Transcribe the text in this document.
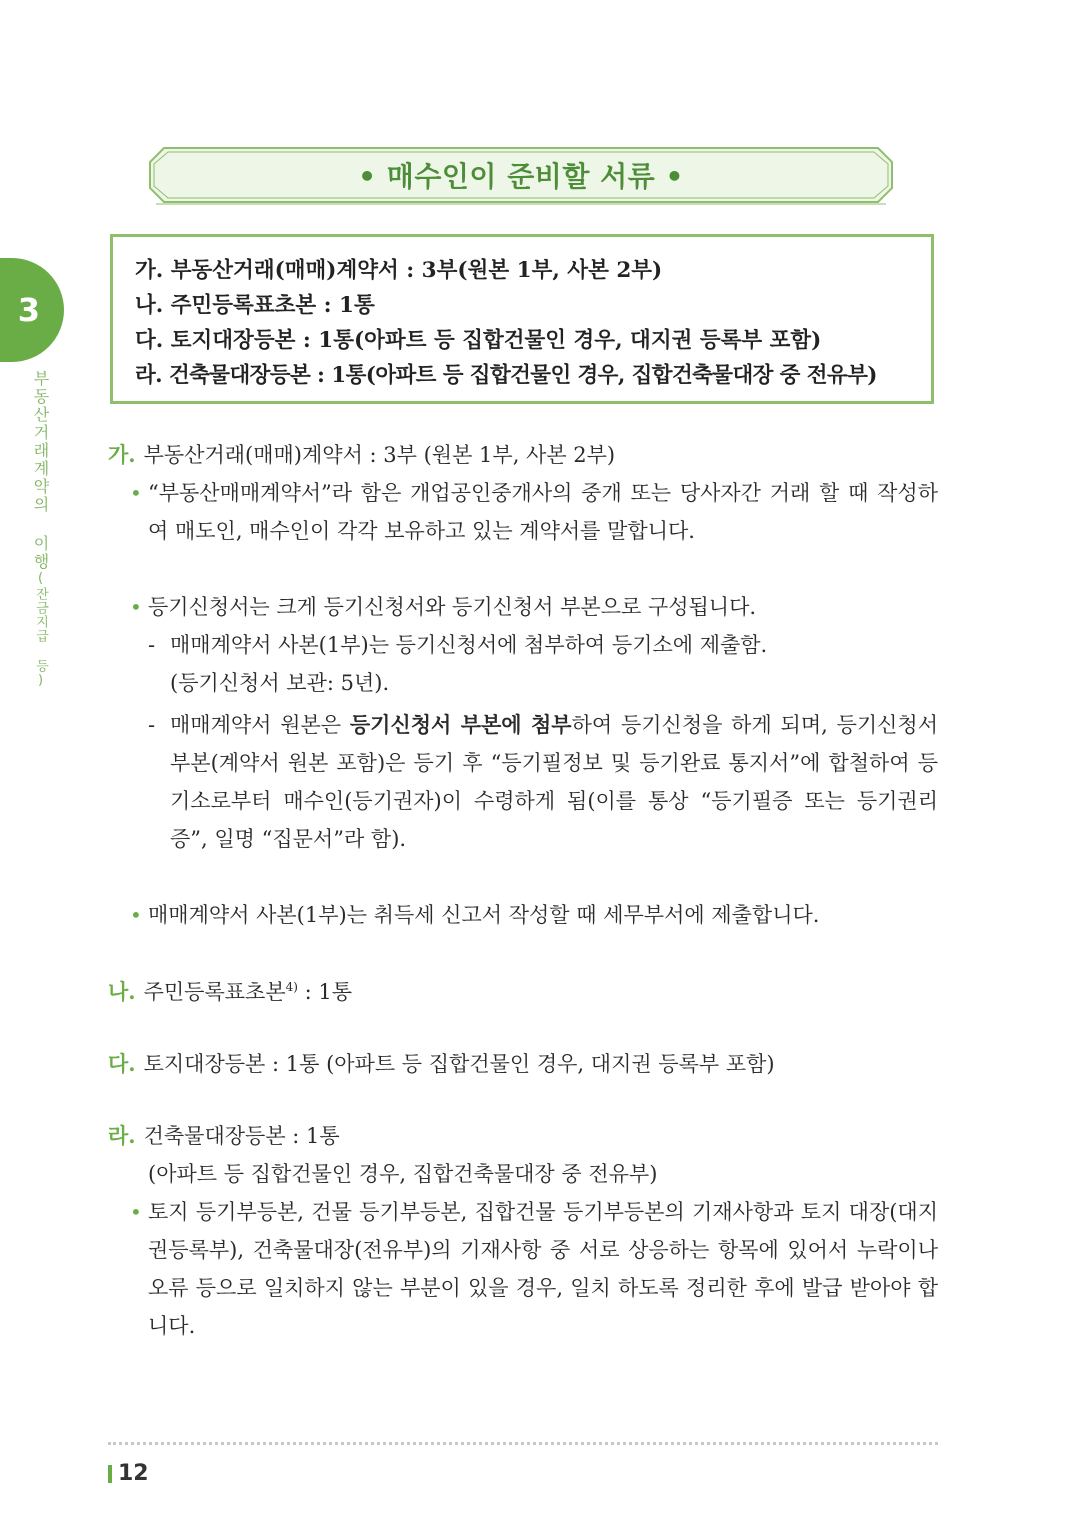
• 매수인이 준비할 서류 •
가. 부동산거래(매매)계약서 : 3부(원본 1부, 사본 2부)
나. 주민등록표초본 : 1통
다. 토지대장등본 : 1통(아파트 등 집합건물인 경우, 대지권 등록부 포함)
라. 건축물대장등본 : 1통(아파트 등 집합건물인 경우, 집합건축물대장 중 전유부)
3
부동산거래계약의 이행(잔금지급 등)
가. 부동산거래(매매)계약서 : 3부 (원본 1부, 사본 2부)
• “부동산매매계약서”라 함은 개업공인중개사의 중개 또는 당사자간 거래 할 때 작성하여 매도인, 매수인이 각각 보유하고 있는 계약서를 말합니다.
• 등기신청서는 크게 등기신청서와 등기신청서 부본으로 구성됩니다.
- 매매계약서 사본(1부)는 등기신청서에 첨부하여 등기소에 제출함.
(등기신청서 보관: 5년).
- 매매계약서 원본은 등기신청서 부본에 첨부하여 등기신청을 하게 되며, 등기신청서 부본(계약서 원본 포함)은 등기 후 “등기필정보 및 등기완료 통지서”에 합철하여 등기소로부터 매수인(등기권자)이 수령하게 됨(이를 통상 “등기필증 또는 등기권리증”, 일명 “집문서”라 함).
• 매매계약서 사본(1부)는 취득세 신고서 작성할 때 세무부서에 제출합니다.
나. 주민등록표초본$^{4)}$ : 1통
다. 토지대장등본 : 1통 (아파트 등 집합건물인 경우, 대지권 등록부 포함)
라. 건축물대장등본 : 1통
(아파트 등 집합건물인 경우, 집합건축물대장 중 전유부)
• 토지 등기부등본, 건물 등기부등본, 집합건물 등기부등본의 기재사항과 토지 대장(대지권등록부), 건축물대장(전유부)의 기재사항 중 서로 상응하는 항목에 있어서 누락이나 오류 등으로 일치하지 않는 부분이 있을 경우, 일치 하도록 정리한 후에 발급 받아야 합니다.
12
